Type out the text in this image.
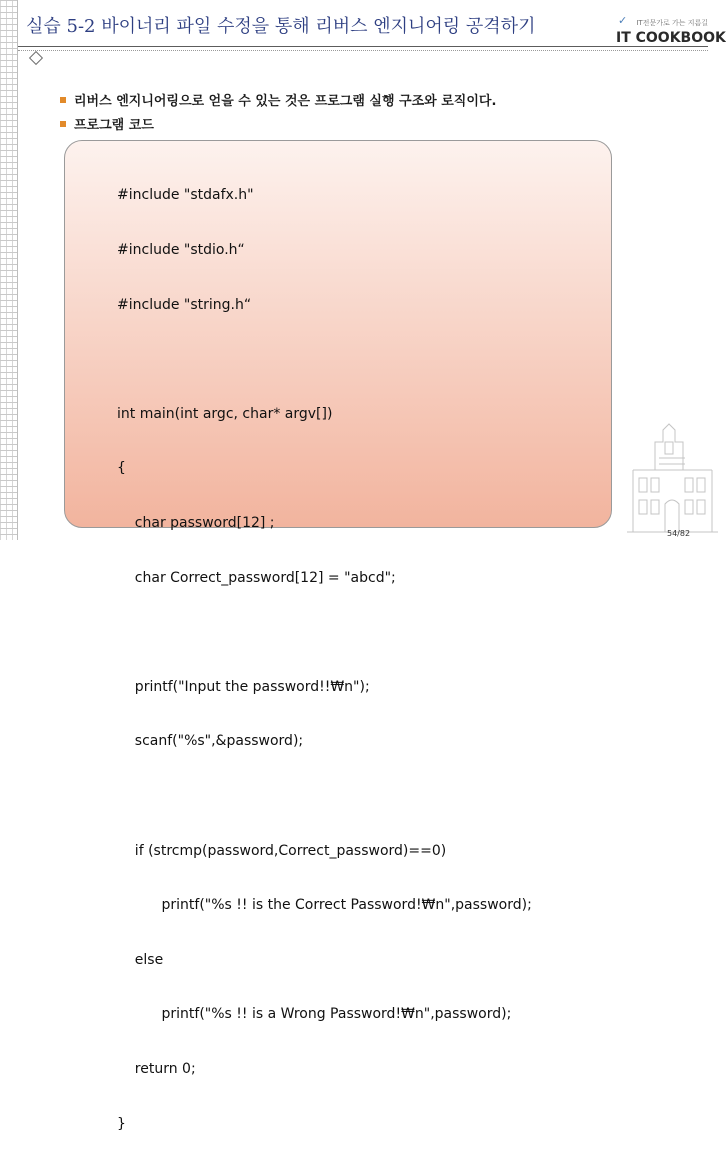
실습 5-2 바이너리 파일 수정을 통해 리버스 엔지니어링 공격하기	✓ IT전문가로 가는 지름길
IT COOKBOOK
리버스 엔지니어링으로 얻을 수 있는 것은 프로그램 실행 구조와 로직이다.
프로그램 코드

#include "stdafx.h"

#include "stdio.h“

#include "string.h“

int main(int argc, char* argv[])

{

char password[12] ;

char Correct_password[12] = "abcd";

printf("Input the password!!₩n");

scanf("%s",&password);

if (strcmp(password,Correct_password)==0)

printf("%s !! is the Correct Password!₩n",password);

else

printf("%s !! is a Wrong Password!₩n",password);

return 0;

}

54/82
